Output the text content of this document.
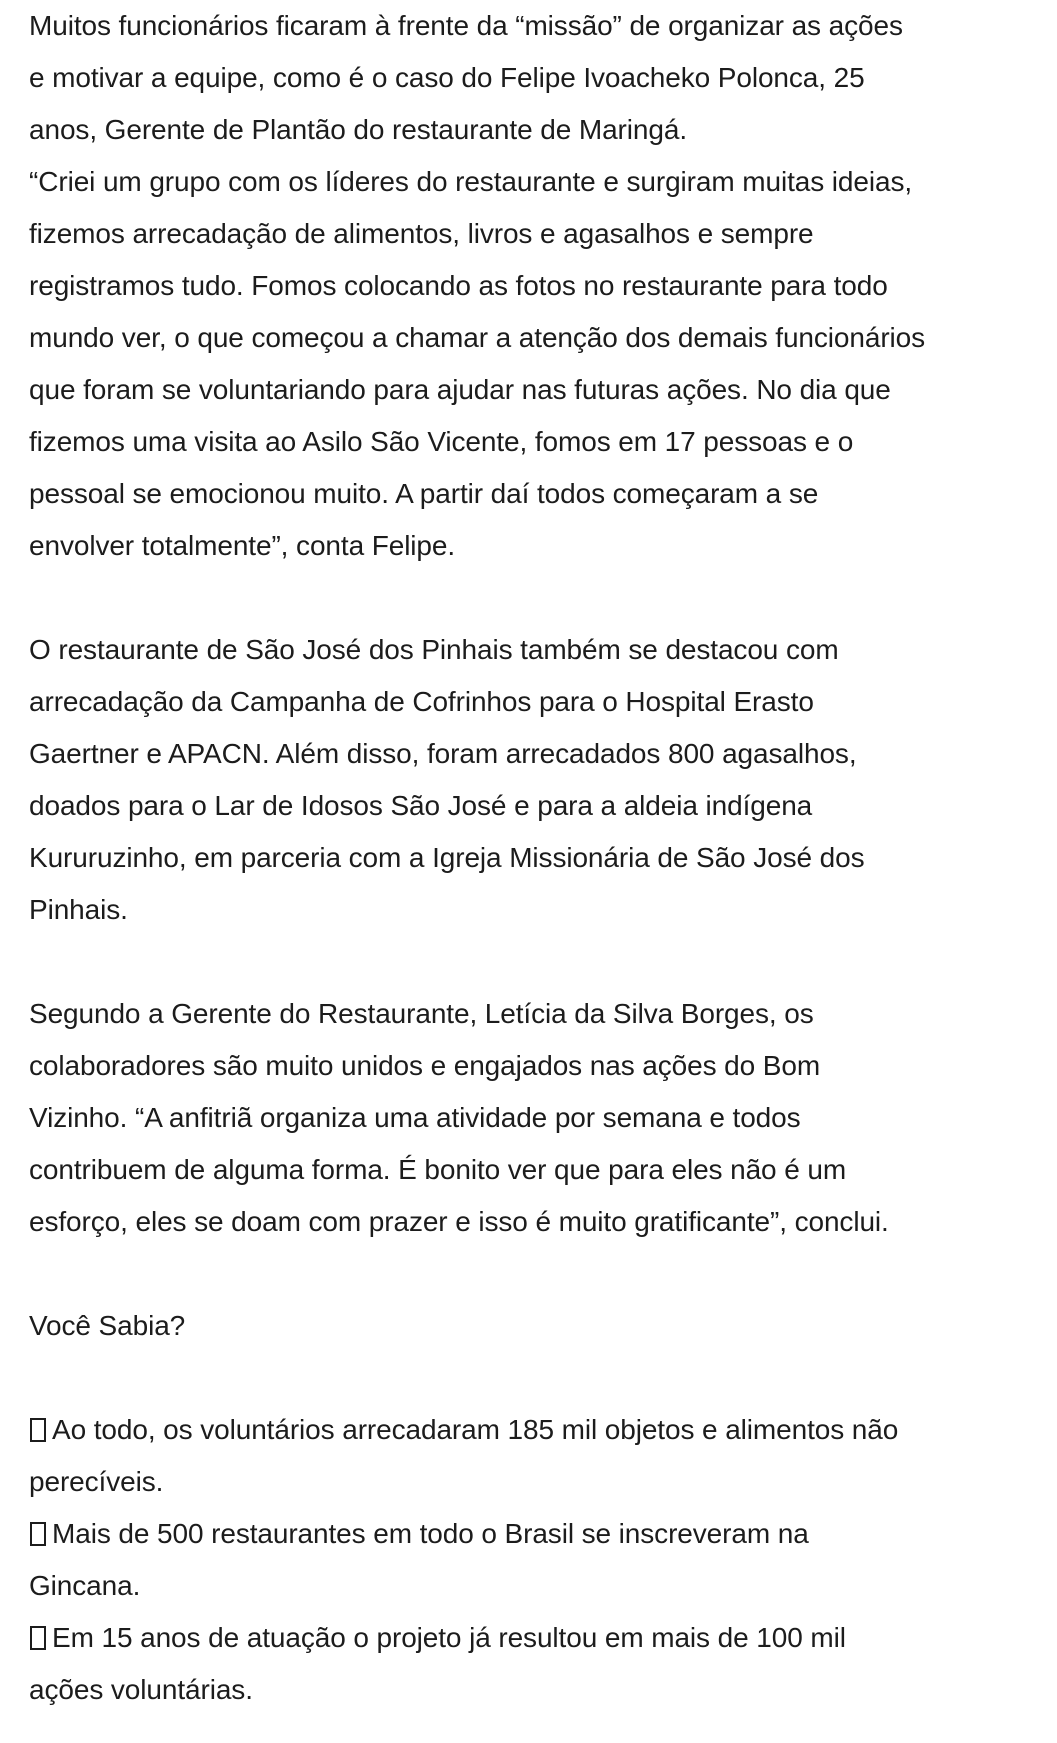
Muitos funcionários ficaram à frente da “missão” de organizar as ações
e motivar a equipe, como é o caso do Felipe Ivoacheko Polonca, 25
anos, Gerente de Plantão do restaurante de Maringá.

“Criei um grupo com os líderes do restaurante e surgiram muitas ideias,
fizemos arrecadação de alimentos, livros e agasalhos e sempre
registramos tudo. Fomos colocando as fotos no restaurante para todo
mundo ver, o que começou a chamar a atenção dos demais funcionários
que foram se voluntariando para ajudar nas futuras ações. No dia que
fizemos uma visita ao Asilo São Vicente, fomos em 17 pessoas e o
pessoal se emocionou muito. A partir daí todos começaram a se
envolver totalmente”, conta Felipe.

O restaurante de São José dos Pinhais também se destacou com
arrecadação da Campanha de Cofrinhos para o Hospital Erasto
Gaertner e APACN. Além disso, foram arrecadados 800 agasalhos,
doados para o Lar de Idosos São José e para a aldeia indígena
Kururuzinho, em parceria com a Igreja Missionária de São José dos
Pinhais.

Segundo a Gerente do Restaurante, Letícia da Silva Borges, os
colaboradores são muito unidos e engajados nas ações do Bom
Vizinho. “A anfitriã organiza uma atividade por semana e todos
contribuem de alguma forma. É bonito ver que para eles não é um
esforço, eles se doam com prazer e isso é muito gratificante”, conclui.

Você Sabia?

Ao todo, os voluntários arrecadaram 185 mil objetos e alimentos não
perecíveis.
Mais de 500 restaurantes em todo o Brasil se inscreveram na
Gincana.
Em 15 anos de atuação o projeto já resultou em mais de 100 mil
ações voluntárias.
